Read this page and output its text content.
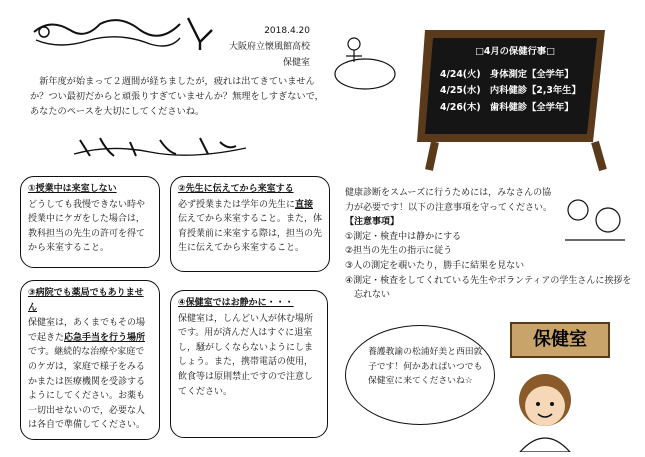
2018.4.20
大阪府立懐風館高校
保健室
新年度が始まって２週間が経ちましたが，疲れは出てきていませんか？つい最初だからと頑張りすぎていませんか？無理をしすぎないで，あなたのペースを大切にしてくださいね。
①授業中は来室しない
どうしても我慢できない時や授業中にケガをした場合は，教科担当の先生の許可を得てから来室すること。
②先生に伝えてから来室する
必ず授業または学年の先生に直接伝えてから来室すること。また，体育授業前に来室する際は，担当の先生に伝えてから来室すること。
③病院でも薬局でもありません
保健室は，あくまでもその場で起きた応急手当を行う場所です。継続的な治療や家庭でのケガは，家庭で様子をみるかまたは医療機関を受診するようにしてください。お薬も一切出せないので，必要な人は各自で準備してください。
④保健室ではお静かに・・・
保健室は，しんどい人が休む場所です。用が済んだ人はすぐに退室し，騒がしくならないようにしましょう。また，携帯電話の使用，飲食等は原則禁止ですので注意してください。
□4月の保健行事□
4/24(火)　身体測定【全学年】
4/25(水)　内科健診【2,3年生】
4/26(木)　歯科健診【全学年】
健康診断をスムーズに行うためには，みなさんの協力が必要です！以下の注意事項を守ってください。
【注意事項】
①測定・検査中は静かにする
②担当の先生の指示に従う
③人の測定を覗いたり，勝手に結果を見ない
④測定・検査をしてくれている先生やボランティアの学生さんに挨拶を忘れない
保健室
養護教諭の松浦好美と西田敦子です！何かあればいつでも保健室に来てくださいね☆
